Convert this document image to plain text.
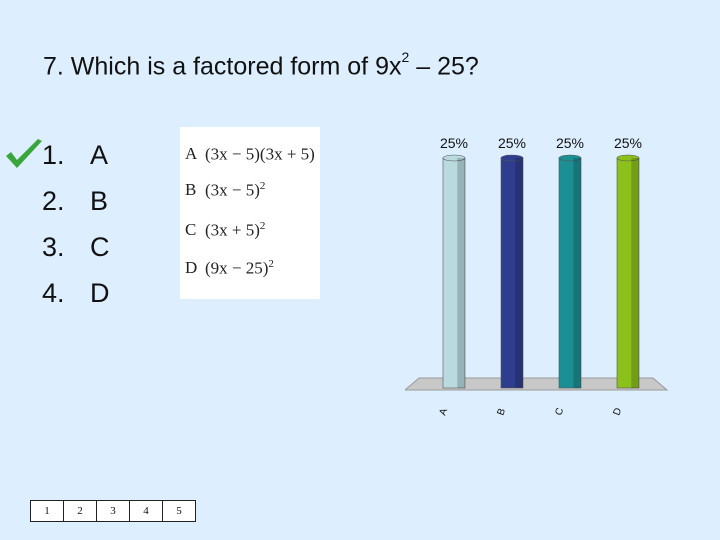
7. Which is a factored form of $9x^2 - 25$?
1. A
2. B
3. C
4. D
A (3x − 5)(3x + 5)
B $(3x - 5)^2$
C $(3x + 5)^2$
D $(9x - 25)^2$
25% 25% 25% 25%
A	B	C	D
1	2	3	4	5
